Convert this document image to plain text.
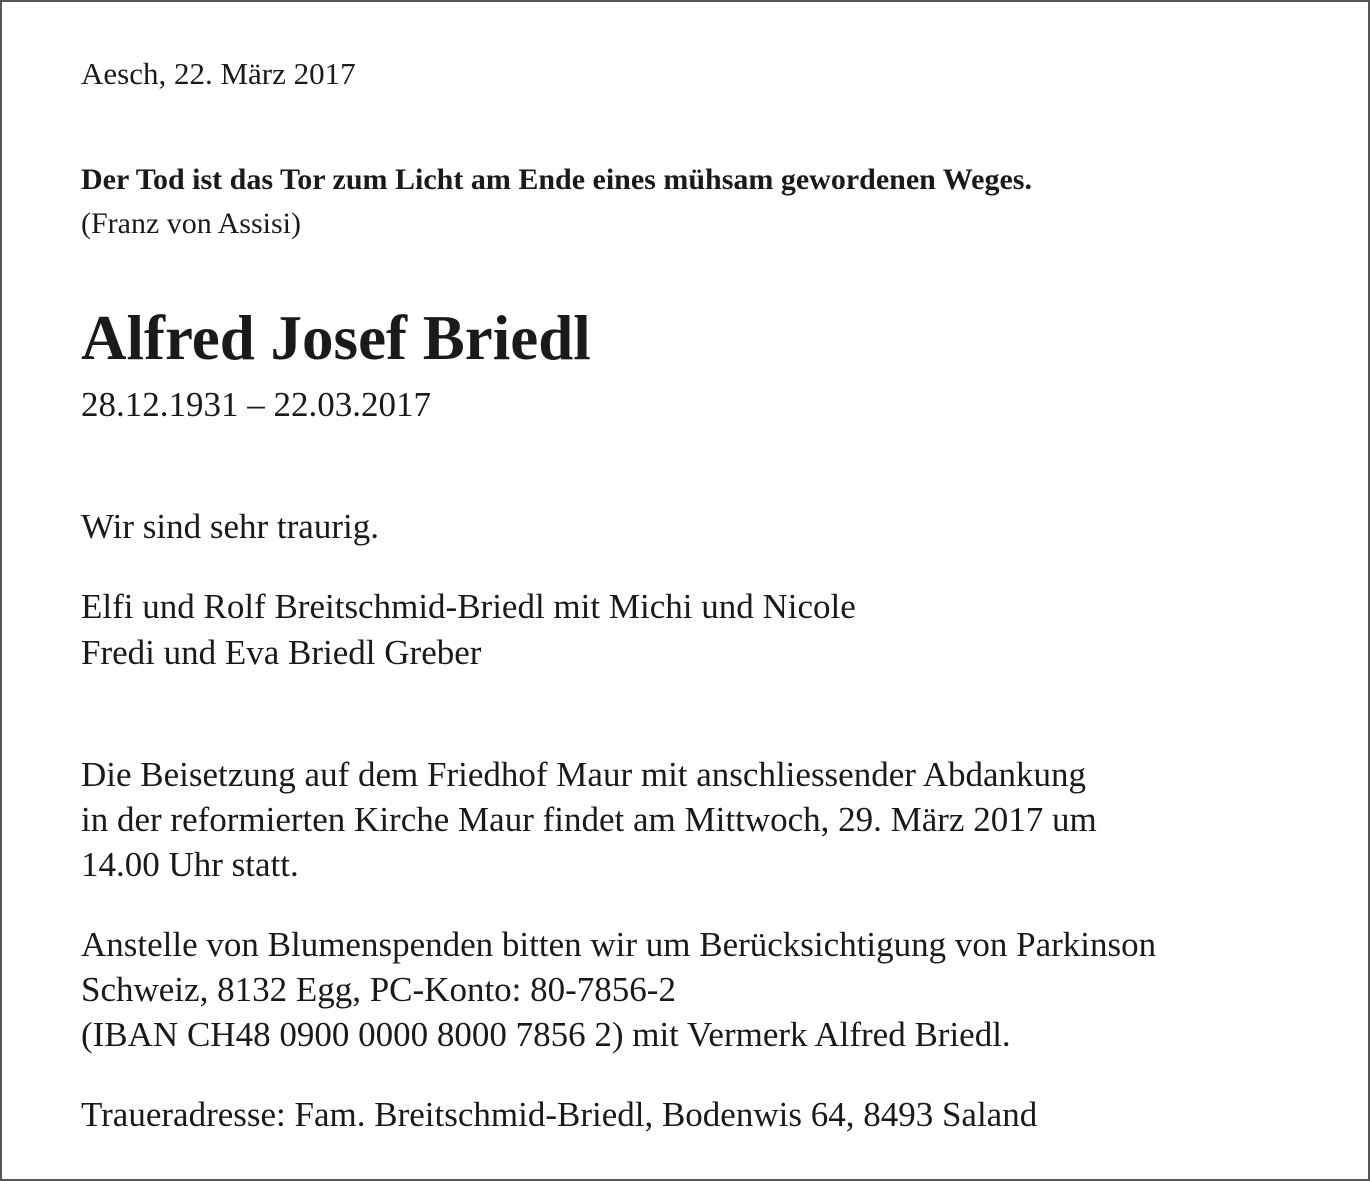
Aesch, 22. März 2017

Der Tod ist das Tor zum Licht am Ende eines mühsam gewordenen Weges.

(Franz von Assisi)

Alfred Josef Briedl

28.12.1931 – 22.03.2017

Wir sind sehr traurig.

Elfi und Rolf Breitschmid-Briedl mit Michi und Nicole
Fredi und Eva Briedl Greber
Die Beisetzung auf dem Friedhof Maur mit anschliessender Abdankung
in der reformierten Kirche Maur findet am Mittwoch, 29. März 2017 um
14.00 Uhr statt.
Anstelle von Blumenspenden bitten wir um Berücksichtigung von Parkinson
Schweiz, 8132 Egg, PC-Konto: 80-7856-2
(IBAN CH48 0900 0000 8000 7856 2) mit Vermerk Alfred Briedl.

Traueradresse: Fam. Breitschmid-Briedl, Bodenwis 64, 8493 Saland
